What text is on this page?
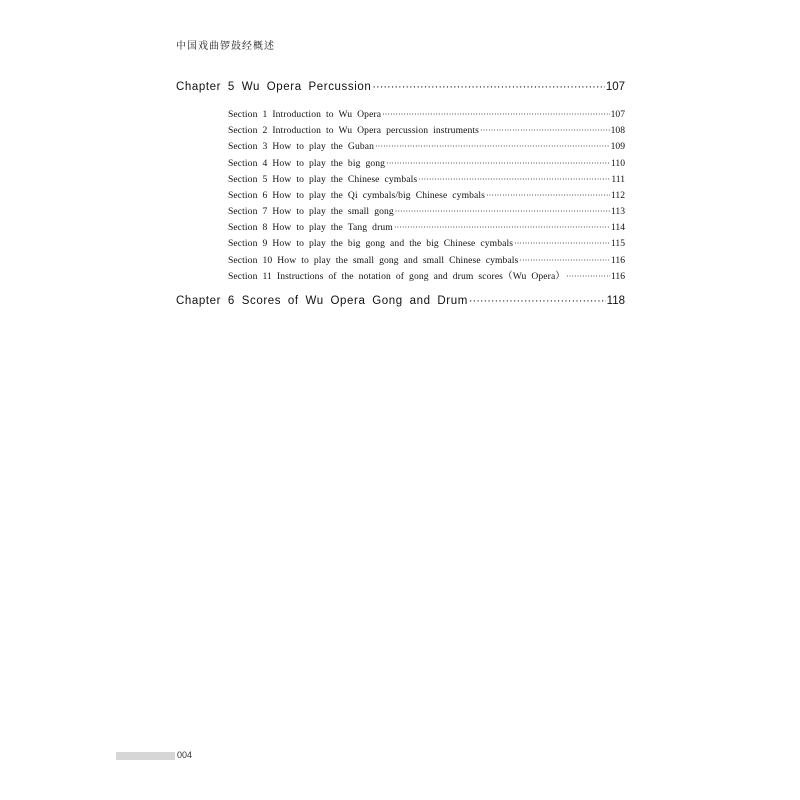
中国戏曲锣鼓经概述
Chapter 5 Wu Opera Percussion ·····	107
Section 1 Introduction to Wu Opera ·····	107
Section 2 Introduction to Wu Opera percussion instruments ·····	108
Section 3 How to play the Guban ·····	109
Section 4 How to play the big gong ·····	110
Section 5 How to play the Chinese cymbals ·····	111
Section 6 How to play the Qi cymbals/big Chinese cymbals ·····	112
Section 7 How to play the small gong ·····	113
Section 8 How to play the Tang drum ·····	114
Section 9 How to play the big gong and the big Chinese cymbals ·····	115
Section 10 How to play the small gong and small Chinese cymbals ·····	116
Section 11 Instructions of the notation of gong and drum scores（Wu Opera） ·····	116
Chapter 6 Scores of Wu Opera Gong and Drum ·····	118
004
